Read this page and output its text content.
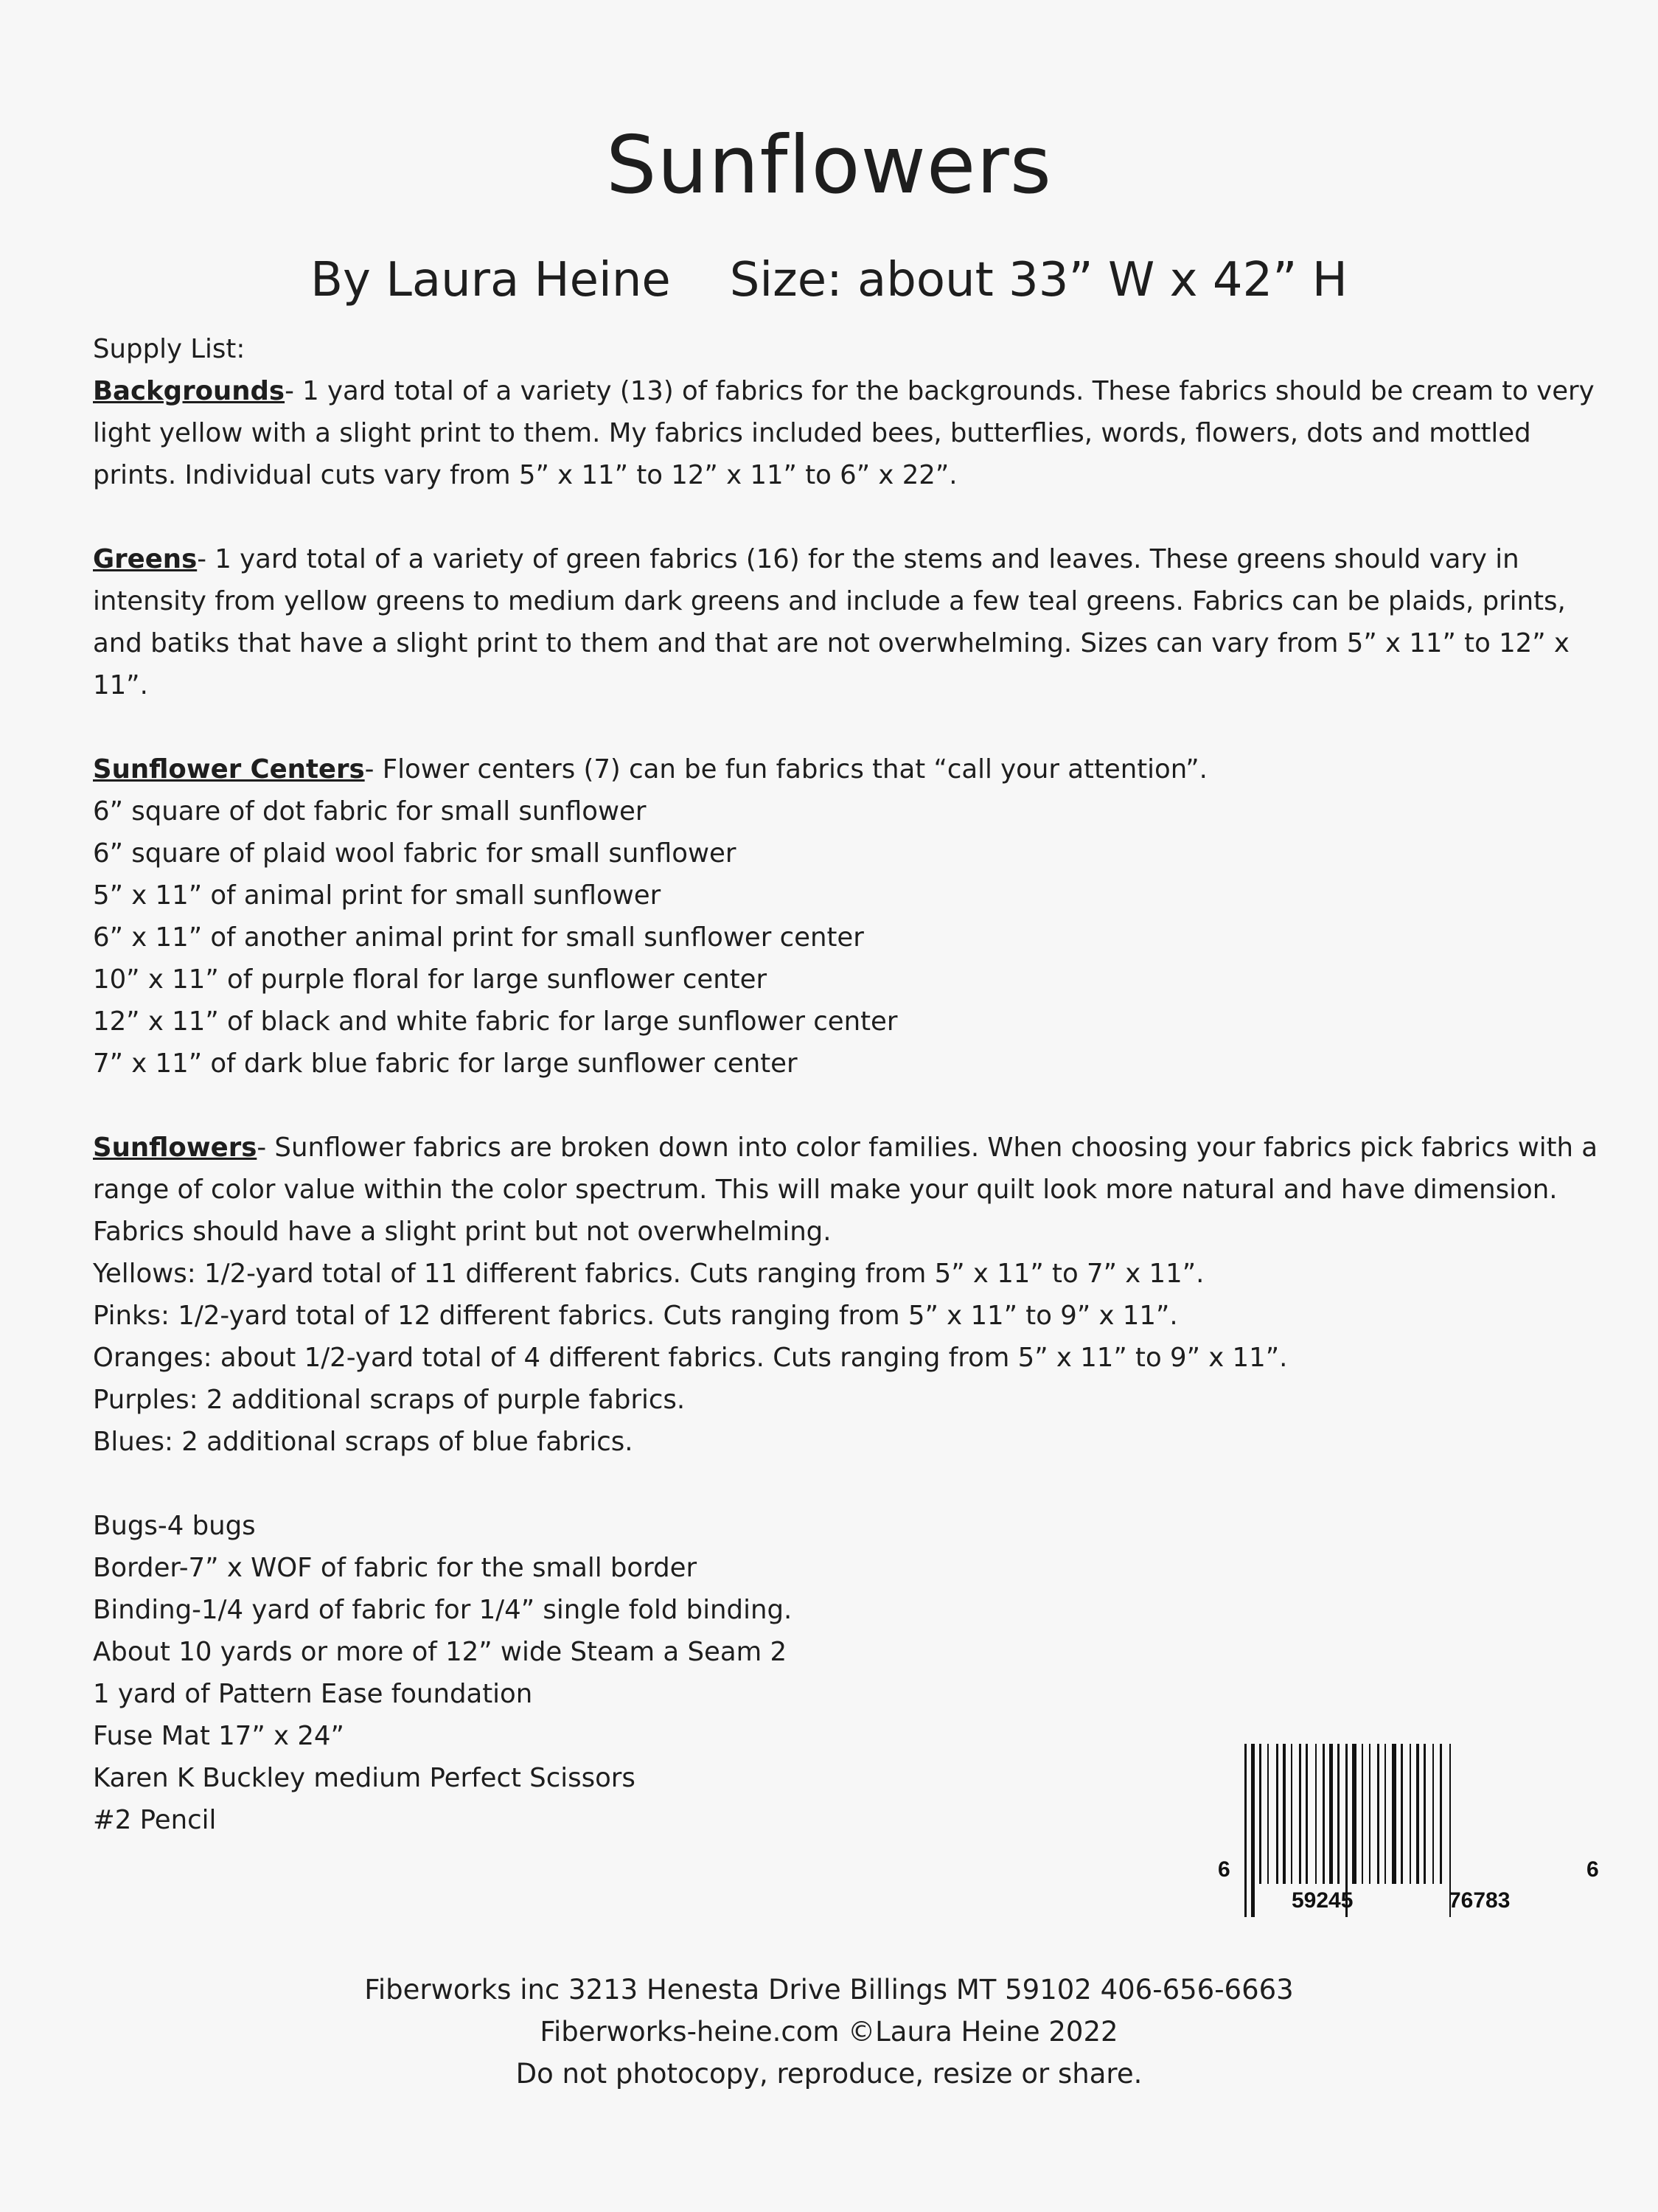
Sunflowers
By Laura Heine Size: about 33” W x 42” H

Supply List:

Backgrounds- 1 yard total of a variety (13) of fabrics for the backgrounds. These fabrics should be cream to very light yellow with a slight print to them. My fabrics included bees, butterflies, words, flowers, dots and mottled prints. Individual cuts vary from 5” x 11” to 12” x 11” to 6” x 22”.

Greens- 1 yard total of a variety of green fabrics (16) for the stems and leaves. These greens should vary in intensity from yellow greens to medium dark greens and include a few teal greens. Fabrics can be plaids, prints, and batiks that have a slight print to them and that are not overwhelming. Sizes can vary from 5” x 11” to 12” x 11”.

Sunflower Centers- Flower centers (7) can be fun fabrics that “call your attention”.

6” square of dot fabric for small sunflower

6” square of plaid wool fabric for small sunflower

5” x 11” of animal print for small sunflower

6” x 11” of another animal print for small sunflower center

10” x 11” of purple floral for large sunflower center

12” x 11” of black and white fabric for large sunflower center

7” x 11” of dark blue fabric for large sunflower center

Sunflowers- Sunflower fabrics are broken down into color families. When choosing your fabrics pick fabrics with a range of color value within the color spectrum. This will make your quilt look more natural and have dimension. Fabrics should have a slight print but not overwhelming.

Yellows: 1/2-yard total of 11 different fabrics. Cuts ranging from 5” x 11” to 7” x 11”.

Pinks: 1/2-yard total of 12 different fabrics. Cuts ranging from 5” x 11” to 9” x 11”.

Oranges: about 1/2-yard total of 4 different fabrics. Cuts ranging from 5” x 11” to 9” x 11”.

Purples: 2 additional scraps of purple fabrics.

Blues: 2 additional scraps of blue fabrics.

Bugs-4 bugs

Border-7” x WOF of fabric for the small border

Binding-1/4 yard of fabric for 1/4” single fold binding.

About 10 yards or more of 12” wide Steam a Seam 2

1 yard of Pattern Ease foundation

Fuse Mat 17” x 24”

Karen K Buckley medium Perfect Scissors

#2 Pencil

6
59245	76783
6

Fiberworks inc 3213 Henesta Drive Billings MT 59102 406-656-6663

Fiberworks-heine.com ©Laura Heine 2022

Do not photocopy, reproduce, resize or share.
